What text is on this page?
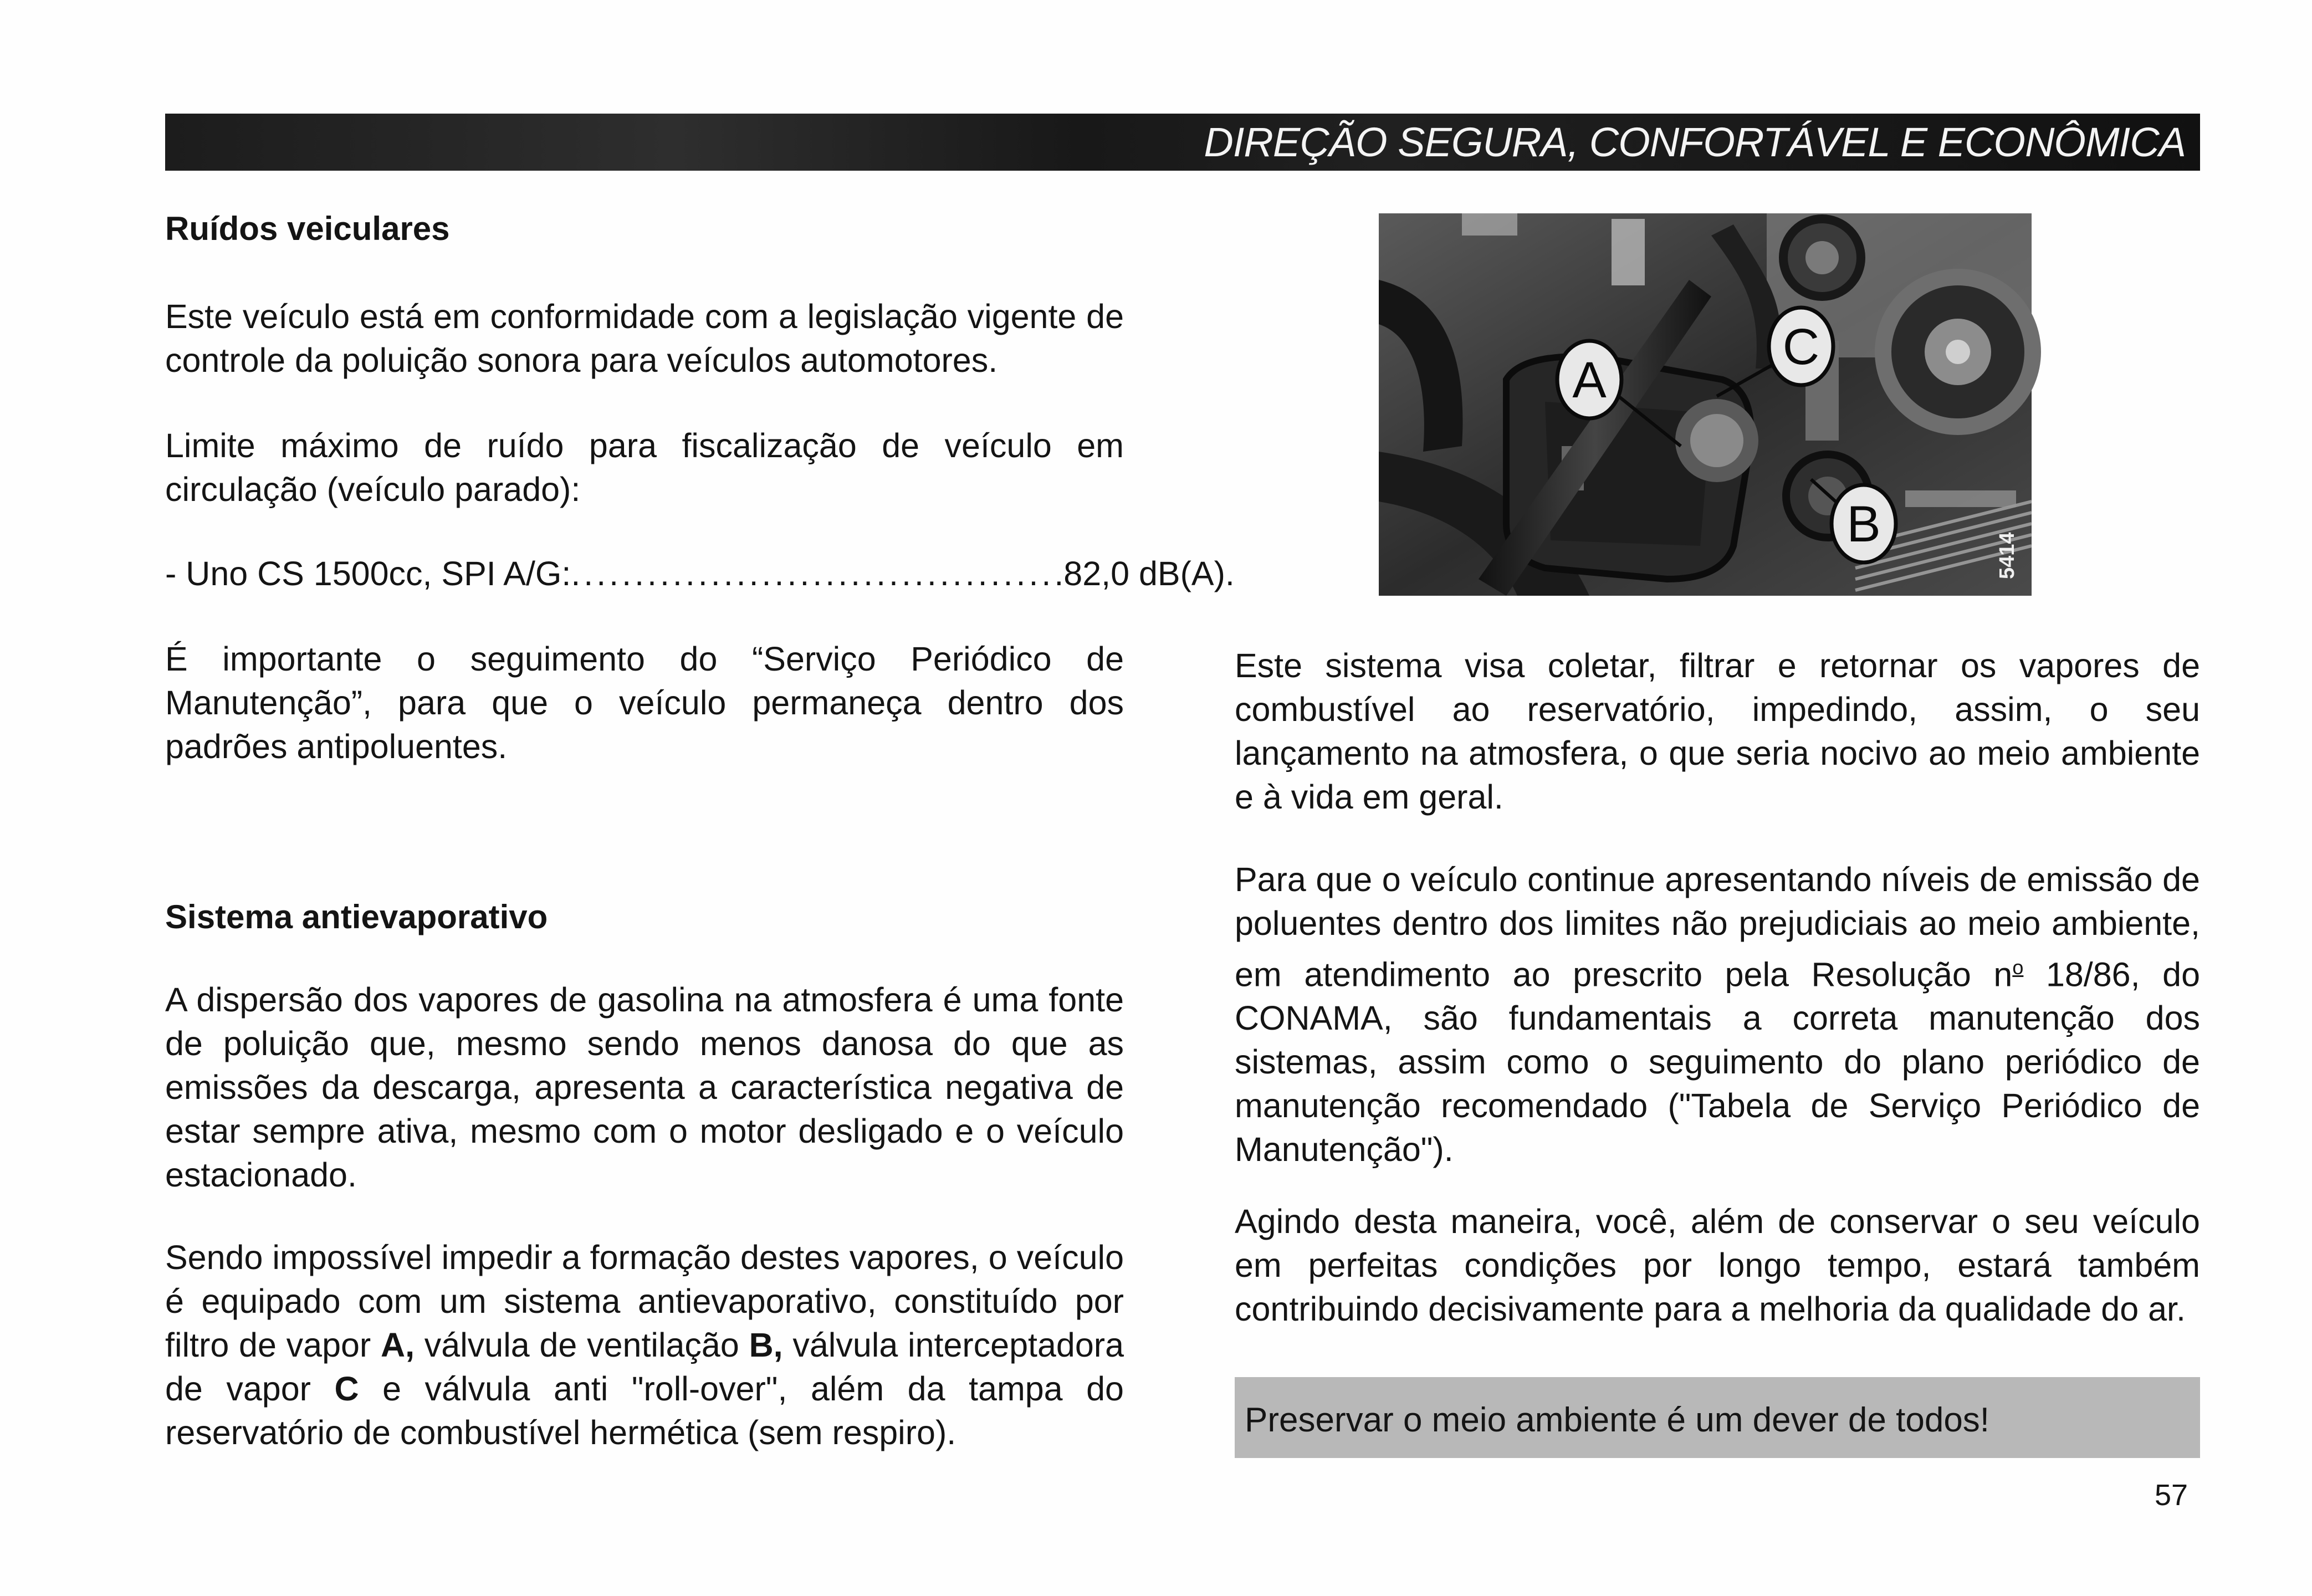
DIREÇÃO SEGURA, CONFORTÁVEL E ECONÔMICA
Ruídos veiculares

Este veículo está em conformidade com a legislação vigente de controle da poluição sonora para veículos automotores.

Limite máximo de ruído para fiscalização de veículo em circulação (veículo parado):

- Uno CS 1500cc, SPI A/G: ...................................... .82,0 dB(A).

É importante o seguimento do “Serviço Periódico de Manutenção”, para que o veículo permaneça dentro dos padrões antipoluentes.

Sistema antievaporativo

A dispersão dos vapores de gasolina na atmosfera é uma fonte de poluição que, mesmo sendo menos danosa do que as emissões da descarga, apresenta a característica negativa de estar sempre ativa, mesmo com o motor desligado e o veículo estacionado.

Sendo impossível impedir a formação destes vapores, o veículo é equipado com um sistema antievaporativo, constituído por filtro de vapor A, válvula de ventilação B, válvula interceptadora de vapor C e válvula anti "roll-over", além da tampa do reservatório de combustível hermética (sem respiro).

A
C
B
5414

Este sistema visa coletar, filtrar e retornar os vapores de combustível ao reservatório, impedindo, assim, o seu lançamento na atmosfera, o que seria nocivo ao meio ambiente e à vida em geral.

Para que o veículo continue apresentando níveis de emissão de poluentes dentro dos limites não prejudiciais ao meio ambiente, em atendimento ao prescrito pela Resolução $n^o$ 18/86, do CONAMA, são fundamentais a correta manutenção dos sistemas, assim como o seguimento do plano periódico de manutenção recomendado ("Tabela de Serviço Periódico de Manutenção").

Agindo desta maneira, você, além de conservar o seu veículo em perfeitas condições por longo tempo, estará também contribuindo decisivamente para a melhoria da qualidade do ar.

Preservar o meio ambiente é um dever de todos!
57
